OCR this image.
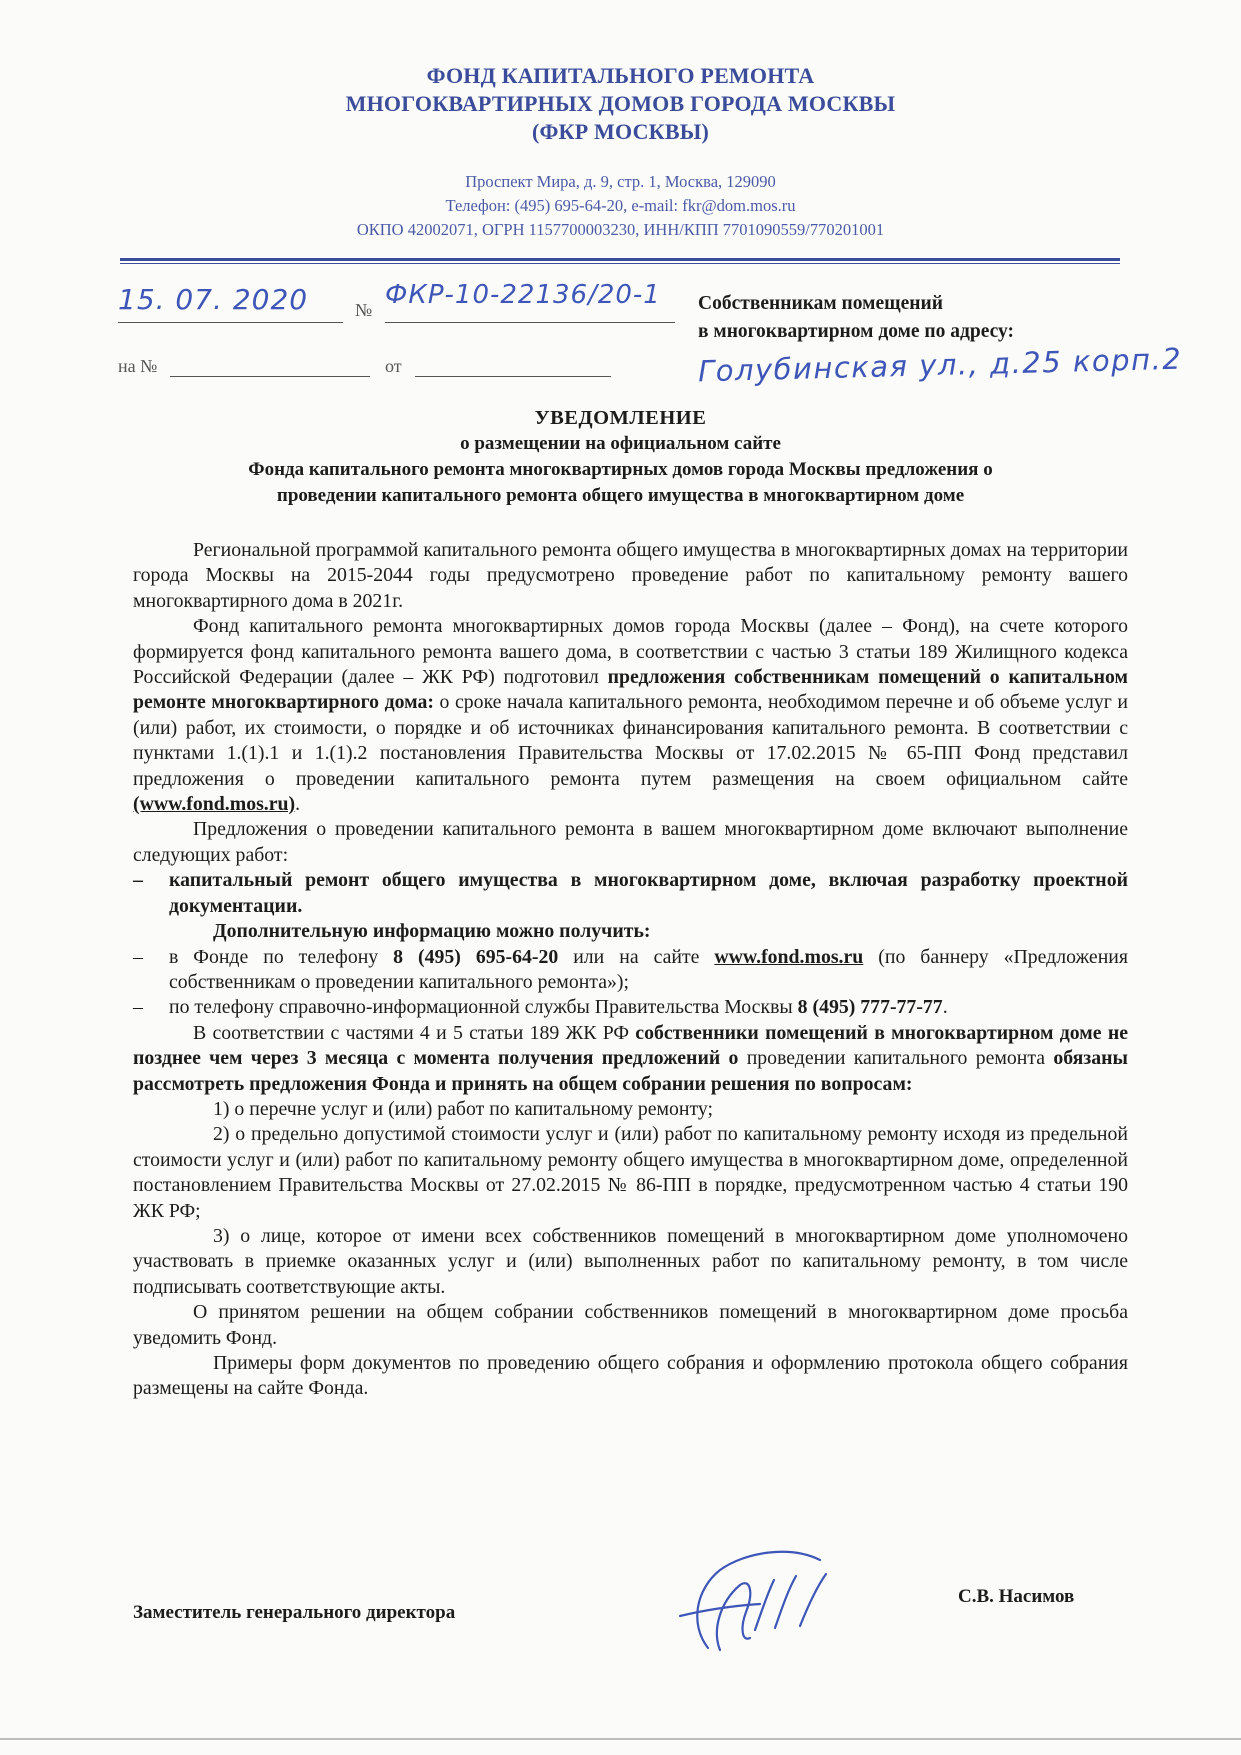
ФОНД КАПИТАЛЬНОГО РЕМОНТА
МНОГОКВАРТИРНЫХ ДОМОВ ГОРОДА МОСКВЫ
(ФКР МОСКВЫ)
Проспект Мира, д. 9, стр. 1, Москва, 129090
Телефон: (495) 695-64-20, e-mail: fkr@dom.mos.ru
ОКПО 42002071, ОГРН 1157700003230, ИНН/КПП 7701090559/770201001
15. 07. 2020	№ ФКР-10-22136/20-1
на №	от
Собственникам помещений
в многоквартирном доме по адресу:
Голубинская ул., д.25 корп.2
УВЕДОМЛЕНИЕ
о размещении на официальном сайте
Фонда капитального ремонта многоквартирных домов города Москвы предложения о
проведении капитального ремонта общего имущества в многоквартирном доме

Региональной программой капитального ремонта общего имущества в многоквартирных домах на территории города Москвы на 2015-2044 годы предусмотрено проведение работ по капитальному ремонту вашего многоквартирного дома в 2021г.

Фонд капитального ремонта многоквартирных домов города Москвы (далее – Фонд), на счете которого формируется фонд капитального ремонта вашего дома, в соответствии с частью 3 статьи 189 Жилищного кодекса Российской Федерации (далее – ЖК РФ) подготовил предложения собственникам помещений о капитальном ремонте многоквартирного дома: о сроке начала капитального ремонта, необходимом перечне и об объеме услуг и (или) работ, их стоимости, о порядке и об источниках финансирования капитального ремонта. В соответствии с пунктами 1.(1).1 и 1.(1).2 постановления Правительства Москвы от 17.02.2015 № 65-ПП Фонд представил предложения о проведении капитального ремонта путем размещения на своем официальном сайте (www.fond.mos.ru).

Предложения о проведении капитального ремонта в вашем многоквартирном доме включают выполнение следующих работ:

– капитальный ремонт общего имущества в многоквартирном доме, включая разработку проектной документации.

Дополнительную информацию можно получить:

– в Фонде по телефону 8 (495) 695-64-20 или на сайте www.fond.mos.ru (по баннеру «Предложения собственникам о проведении капитального ремонта»);

– по телефону справочно-информационной службы Правительства Москвы 8 (495) 777-77-77.

В соответствии с частями 4 и 5 статьи 189 ЖК РФ собственники помещений в многоквартирном доме не позднее чем через 3 месяца с момента получения предложений о проведении капитального ремонта обязаны рассмотреть предложения Фонда и принять на общем собрании решения по вопросам:

1) о перечне услуг и (или) работ по капитальному ремонту;

2) о предельно допустимой стоимости услуг и (или) работ по капитальному ремонту исходя из предельной стоимости услуг и (или) работ по капитальному ремонту общего имущества в многоквартирном доме, определенной постановлением Правительства Москвы от 27.02.2015 № 86-ПП в порядке, предусмотренном частью 4 статьи 190 ЖК РФ;

3) о лице, которое от имени всех собственников помещений в многоквартирном доме уполномочено участвовать в приемке оказанных услуг и (или) выполненных работ по капитальному ремонту, в том числе подписывать соответствующие акты.

О принятом решении на общем собрании собственников помещений в многоквартирном доме просьба уведомить Фонд.

Примеры форм документов по проведению общего собрания и оформлению протокола общего собрания размещены на сайте Фонда.

Заместитель генерального директора
С.В. Насимов
